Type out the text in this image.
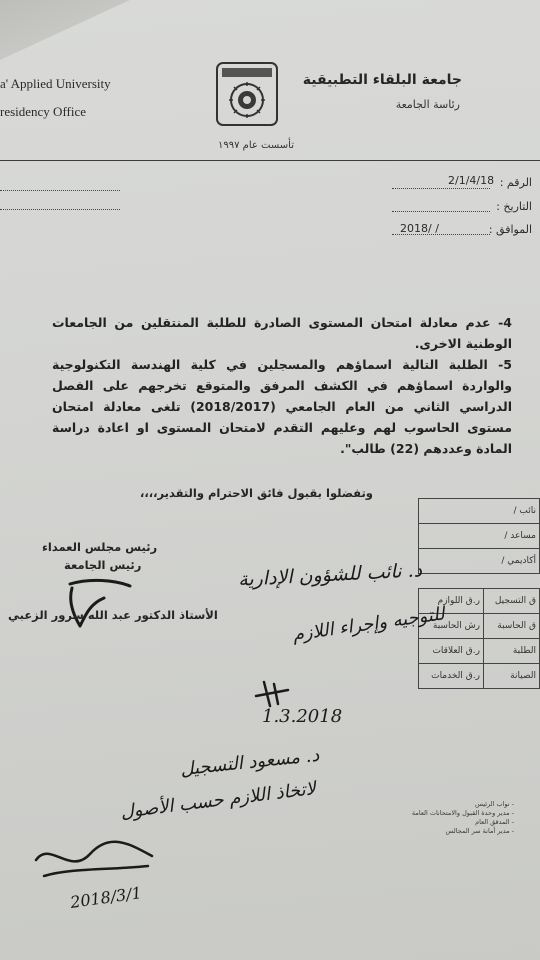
a' Applied University
residency Office
جامعة البلقاء التطبيقية
رئاسة الجامعة
تأسست عام ١٩٩٧
الرقم :
2/1/4/18
التاريخ :
الموافق :
2018/ /
4- عدم معادلة امتحان المستوى الصادرة للطلبة المنتقلين من الجامعات الوطنية الاخرى.
5- الطلبة التالية اسماؤهم والمسجلين في كلية الهندسة التكنولوجية والواردة اسماؤهم في الكشف المرفق والمتوقع تخرجهم على الفصل الدراسي الثاني من العام الجامعي (2018/2017) تلغى معادلة امتحان مستوى الحاسوب لهم وعليهم التقدم لامتحان المستوى او اعادة دراسة المادة وعددهم (22) طالب".
وتفضلوا بقبول فائق الاحترام والتقدير،،،،
رئيس مجلس العمداء
رئيس الجامعة
الأستاذ الدكتور عبد الله سرور الزعبي
نائب /
مساعد /
أكاديمي /
ر.ق اللوازم	ق التسجيل
رش الحاسبة	ق الحاسبة
ر.ق العلاقات	الطلبة
ر.ق الخدمات	الصيانة
د. نائب للشؤون الإدارية
للتوجيه وإجراء اللازم
1.3.2018
د. مسعود التسجيل
لاتخاذ اللازم حسب الأصول
2018/3/1
- نواب الرئيس
- مدير وحدة القبول والامتحانات العامة
- المدقق العام
- مدير أمانة سر المجالس
